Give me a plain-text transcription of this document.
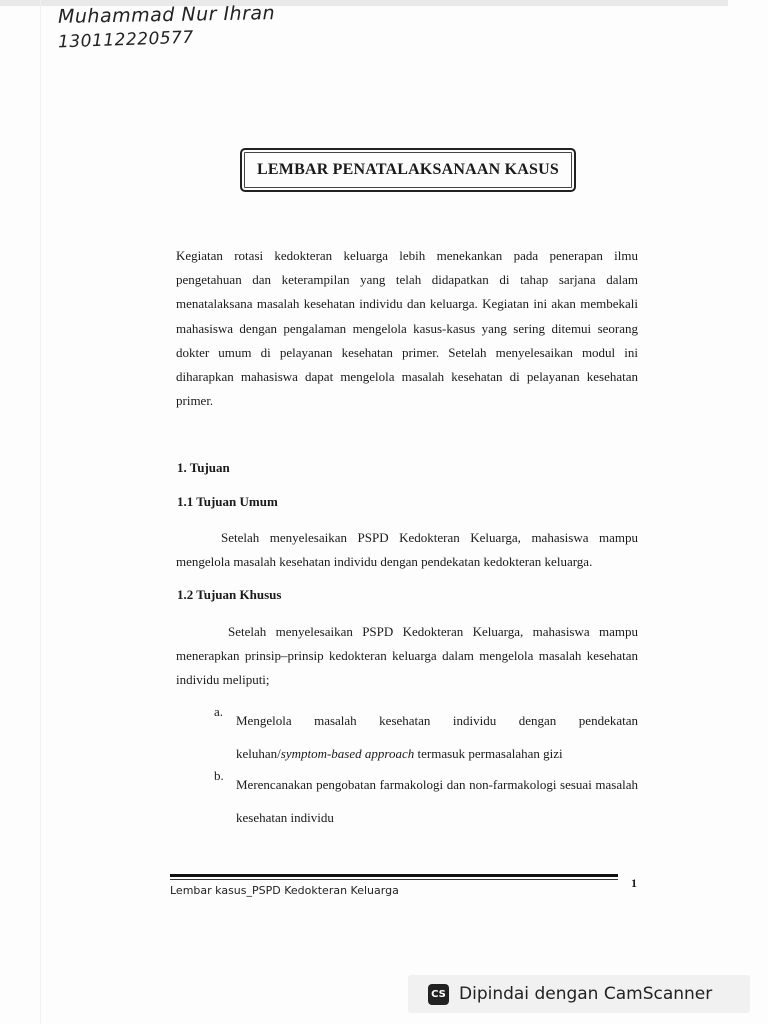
Muhammad Nur Ihran
130112220577
LEMBAR PENATALAKSANAAN KASUS

Kegiatan rotasi kedokteran keluarga lebih menekankan pada penerapan ilmu pengetahuan dan keterampilan yang telah didapatkan di tahap sarjana dalam menatalaksana masalah kesehatan individu dan keluarga. Kegiatan ini akan membekali mahasiswa dengan pengalaman mengelola kasus-kasus yang sering ditemui seorang dokter umum di pelayanan kesehatan primer. Setelah menyelesaikan modul ini diharapkan mahasiswa dapat mengelola masalah kesehatan di pelayanan kesehatan primer.

1. Tujuan
1.1 Tujuan Umum

Setelah menyelesaikan PSPD Kedokteran Keluarga, mahasiswa mampu mengelola masalah kesehatan individu dengan pendekatan kedokteran keluarga.

1.2 Tujuan Khusus

Setelah menyelesaikan PSPD Kedokteran Keluarga, mahasiswa mampu menerapkan prinsip–prinsip kedokteran keluarga dalam mengelola masalah kesehatan individu meliputi;

a.
Mengelola masalah kesehatan individu dengan pendekatan keluhan/symptom-based approach termasuk permasalahan gizi
b.
Merencanakan pengobatan farmakologi dan non-farmakologi sesuai masalah kesehatan individu
Lembar kasus_PSPD Kedokteran Keluarga
1
CS Dipindai dengan CamScanner
